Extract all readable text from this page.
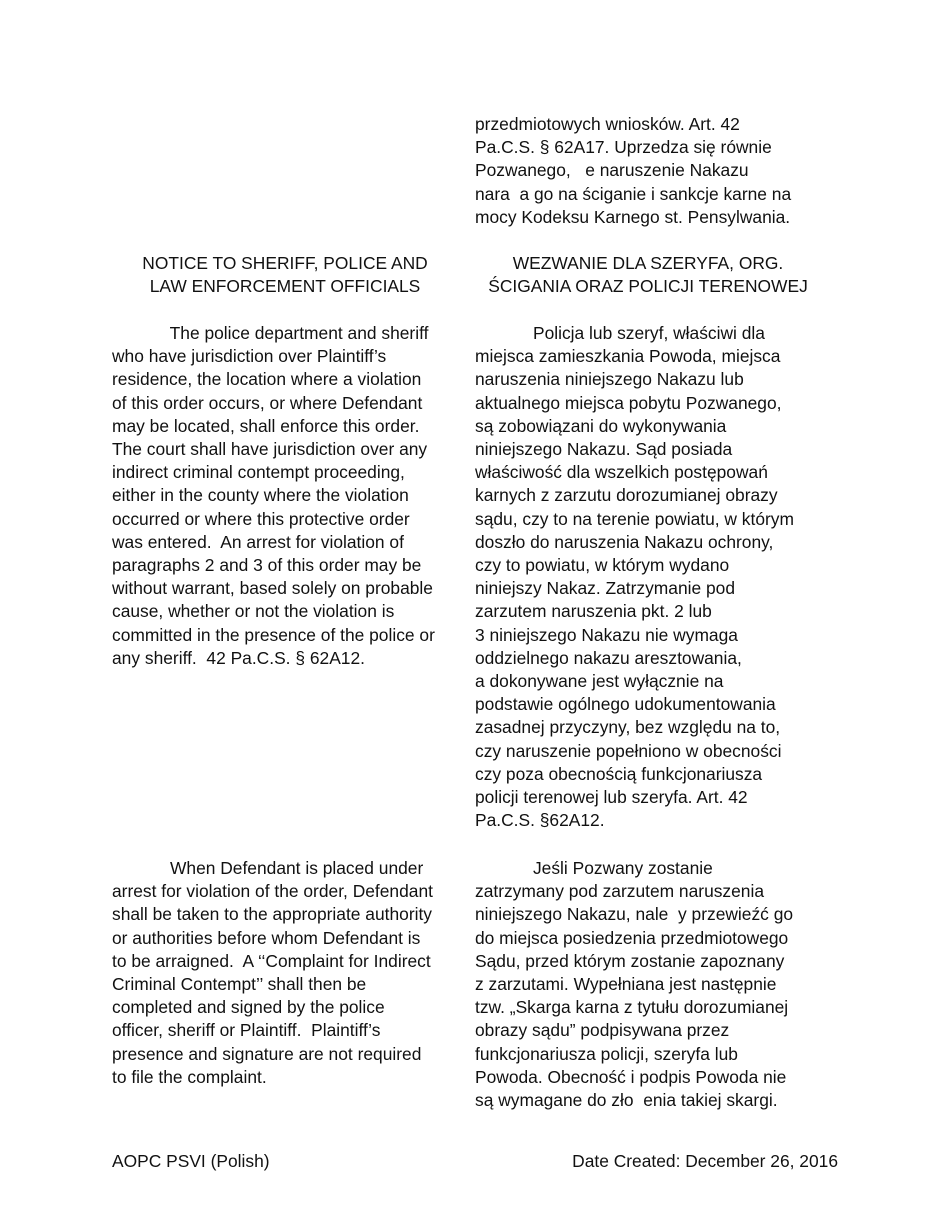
przedmiotowych wniosków. Art. 42
Pa.C.S. § 62A17. Uprzedza się równie
Pozwanego,   e naruszenie Nakazu
nara  a go na ściganie i sankcje karne na
mocy Kodeksu Karnego st. Pensylwania.
NOTICE TO SHERIFF, POLICE AND
LAW ENFORCEMENT OFFICIALS
WEZWANIE DLA SZERYFA, ORG.
ŚCIGANIA ORAZ POLICJI TERENOWEJ
The police department and sheriff
who have jurisdiction over Plaintiff’s
residence, the location where a violation
of this order occurs, or where Defendant
may be located, shall enforce this order.
The court shall have jurisdiction over any
indirect criminal contempt proceeding,
either in the county where the violation
occurred or where this protective order
was entered.  An arrest for violation of
paragraphs 2 and 3 of this order may be
without warrant, based solely on probable
cause, whether or not the violation is
committed in the presence of the police or
any sheriff.  42 Pa.C.S. § 62A12.
Policja lub szeryf, właściwi dla
miejsca zamieszkania Powoda, miejsca
naruszenia niniejszego Nakazu lub
aktualnego miejsca pobytu Pozwanego,
są zobowiązani do wykonywania
niniejszego Nakazu. Sąd posiada
właściwość dla wszelkich postępowań
karnych z zarzutu dorozumianej obrazy
sądu, czy to na terenie powiatu, w którym
doszło do naruszenia Nakazu ochrony,
czy to powiatu, w którym wydano
niniejszy Nakaz. Zatrzymanie pod
zarzutem naruszenia pkt. 2 lub
3 niniejszego Nakazu nie wymaga
oddzielnego nakazu aresztowania,
a dokonywane jest wyłącznie na
podstawie ogólnego udokumentowania
zasadnej przyczyny, bez względu na to,
czy naruszenie popełniono w obecności
czy poza obecnością funkcjonariusza
policji terenowej lub szeryfa. Art. 42
Pa.C.S. §62A12.
When Defendant is placed under
arrest for violation of the order, Defendant
shall be taken to the appropriate authority
or authorities before whom Defendant is
to be arraigned.  A ‘‘Complaint for Indirect
Criminal Contempt’’ shall then be
completed and signed by the police
officer, sheriff or Plaintiff.  Plaintiff’s
presence and signature are not required
to file the complaint.
Jeśli Pozwany zostanie
zatrzymany pod zarzutem naruszenia
niniejszego Nakazu, nale  y przewieźć go
do miejsca posiedzenia przedmiotowego
Sądu, przed którym zostanie zapoznany
z zarzutami. Wypełniana jest następnie
tzw. „Skarga karna z tytułu dorozumianej
obrazy sądu” podpisywana przez
funkcjonariusza policji, szeryfa lub
Powoda. Obecność i podpis Powoda nie
są wymagane do zło  enia takiej skargi.
AOPC PSVI (Polish)	Date Created: December 26, 2016
